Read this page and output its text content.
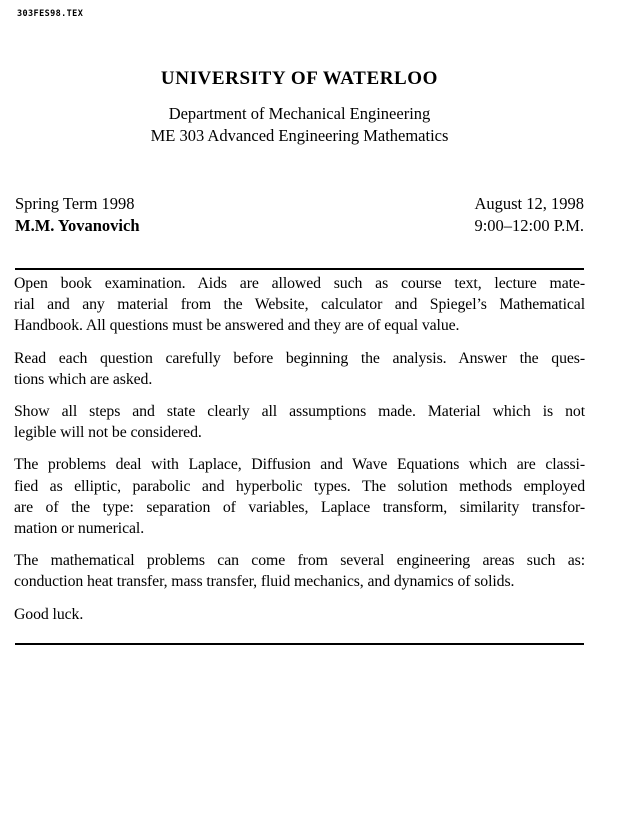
303FES98.TEX
UNIVERSITY OF WATERLOO
Department of Mechanical Engineering
ME 303 Advanced Engineering Mathematics
Spring Term 1998
M.M. Yovanovich
August 12, 1998
9:00–12:00 P.M.
Open book examination. Aids are allowed such as course text, lecture mate-
rial and any material from the Website, calculator and Spiegel’s Mathematical
Handbook. All questions must be answered and they are of equal value.
Read each question carefully before beginning the analysis. Answer the ques-
tions which are asked.
Show all steps and state clearly all assumptions made. Material which is not
legible will not be considered.
The problems deal with Laplace, Diffusion and Wave Equations which are classi-
fied as elliptic, parabolic and hyperbolic types. The solution methods employed
are of the type: separation of variables, Laplace transform, similarity transfor-
mation or numerical.
The mathematical problems can come from several engineering areas such as:
conduction heat transfer, mass transfer, fluid mechanics, and dynamics of solids.
Good luck.
